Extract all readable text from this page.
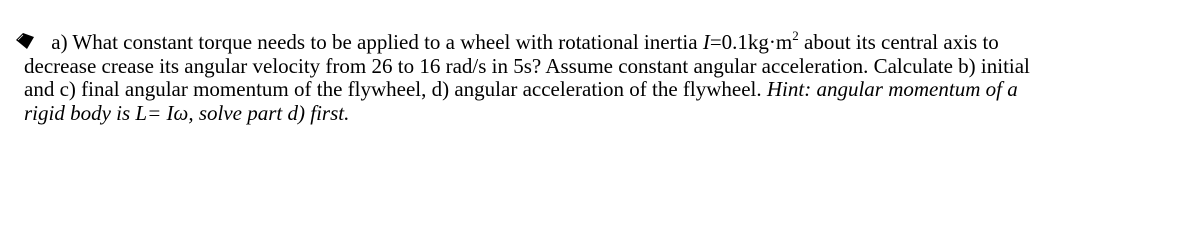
a) What constant torque needs to be applied to a wheel with rotational inertia $I=0.1kg\cdot m^2$ about its central axis to
decrease crease its angular velocity from 26 to 16 rad/s in 5s? Assume constant angular acceleration. Calculate b) initial
and c) final angular momentum of the flywheel, d) angular acceleration of the flywheel. Hint: angular momentum of a
rigid body is L= Iω, solve part d) first.
